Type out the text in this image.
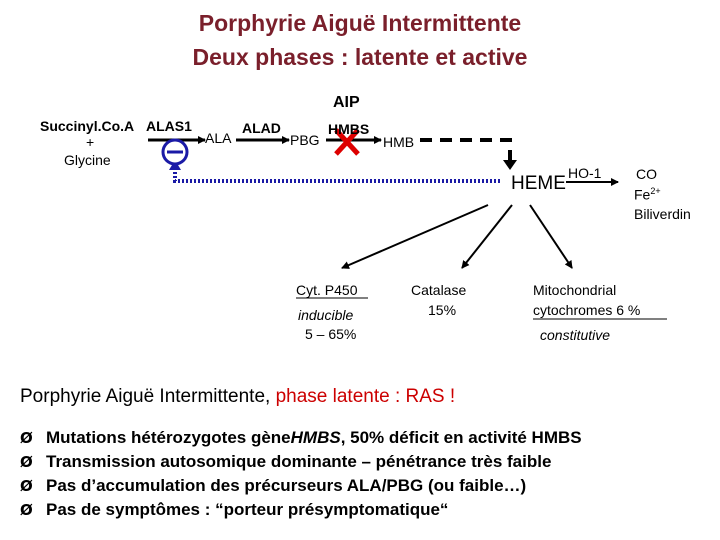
Porphyrie Aiguë Intermittente
Deux phases : latente et active
AIP
Succinyl.Co.A
+
Glycine
ALAS1
ALA
ALAD
PBG
HMBS
HMB
HEME HO-1 CO
$Fe^{2+}$
Biliverdin
Cyt. P450
inducible
5 – 65%
Catalase
15%
Mitochondrial
cytochromes 6 %
constitutive
Porphyrie Aiguë Intermittente, phase latente : RAS !
Ø Mutations hétérozygotes gène HMBS , 50% déficit en activité HMBS
Ø Transmission autosomique dominante – pénétrance très faible
Ø Pas d’accumulation des précurseurs ALA/PBG (ou faible…)
Ø Pas de symptômes : “porteur présymptomatique“
